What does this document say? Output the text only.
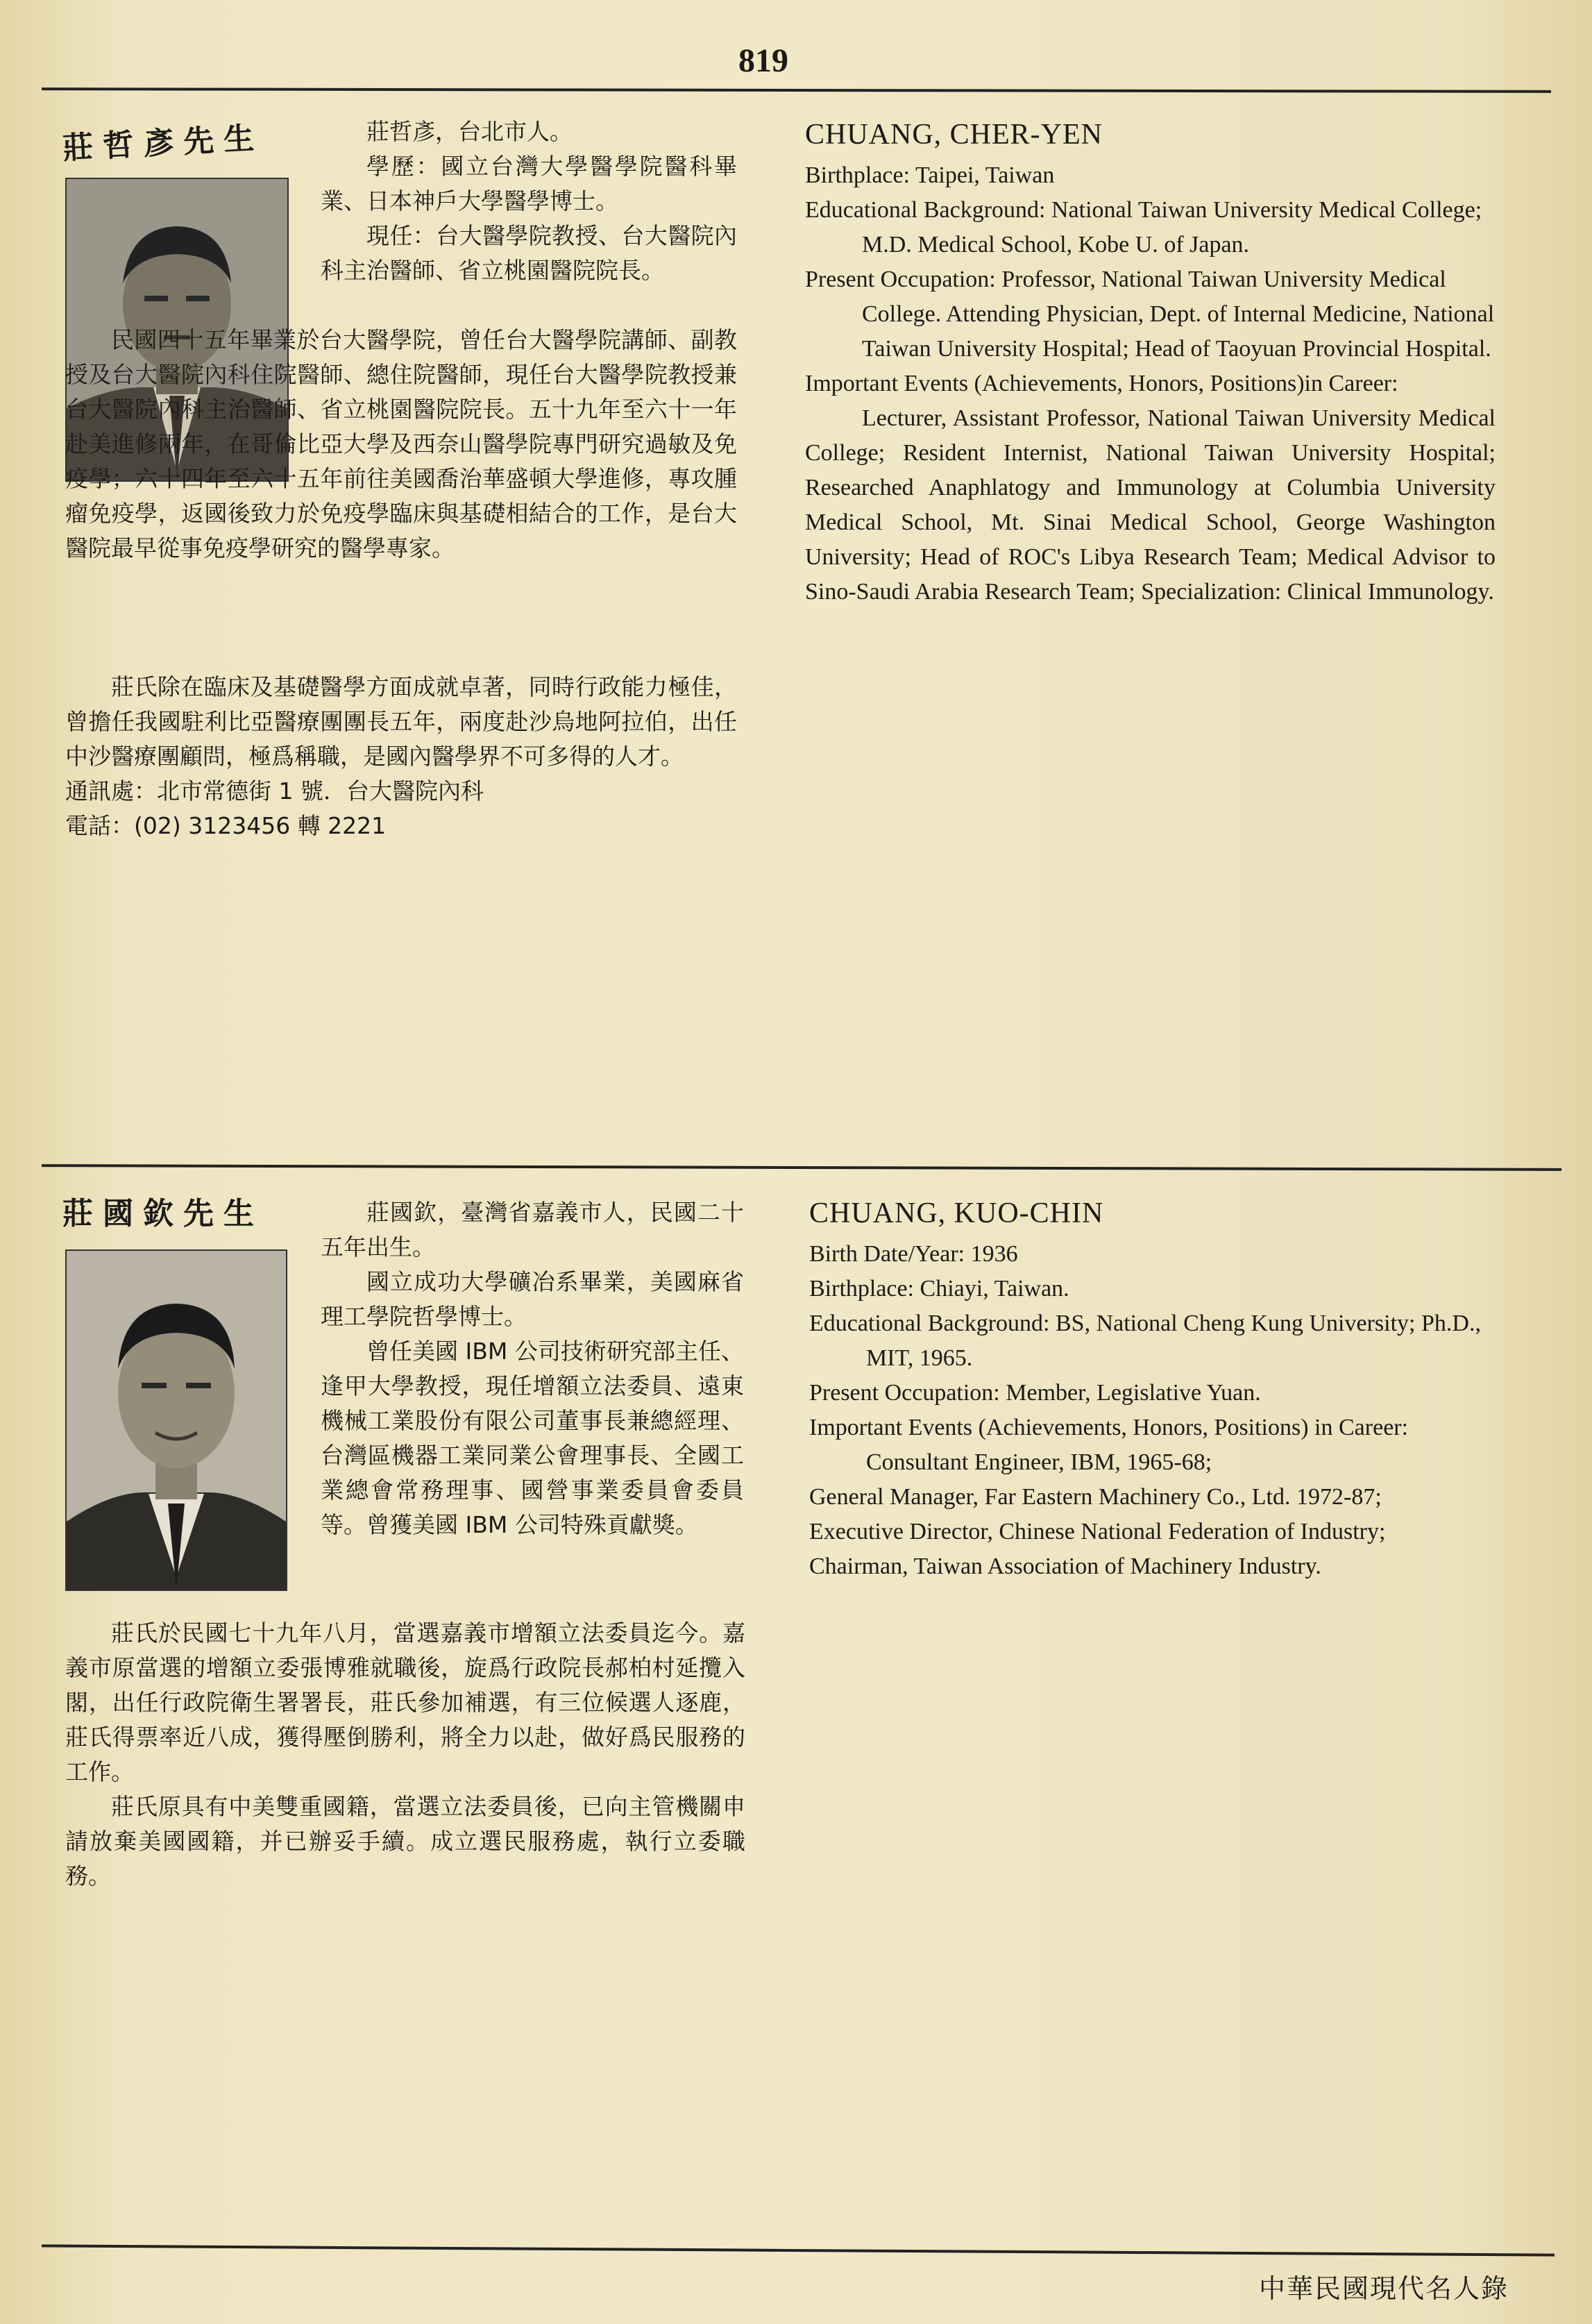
819
莊哲彥先生	莊哲彥，台北市人。

學歷：國立台灣大學醫學院醫科畢業、日本神戶大學醫學博士。

現任：台大醫學院教授、台大醫院內科主治醫師、省立桃園醫院院長。

民國四十五年畢業於台大醫學院，曾任台大醫學院講師、副教授及台大醫院內科住院醫師、總住院醫師，現任台大醫學院教授兼台大醫院內科主治醫師、省立桃園醫院院長。五十九年至六十一年赴美進修兩年，在哥倫比亞大學及西奈山醫學院專門研究過敏及免疫學；六十四年至六十五年前往美國喬治華盛頓大學進修，專攻腫瘤免疫學，返國後致力於免疫學臨床與基礎相結合的工作，是台大醫院最早從事免疫學研究的醫學專家。

莊氏除在臨床及基礎醫學方面成就卓著，同時行政能力極佳，曾擔任我國駐利比亞醫療團團長五年，兩度赴沙烏地阿拉伯，出任中沙醫療團顧問，極爲稱職，是國內醫學界不可多得的人才。

通訊處：北市常德街 1 號．台大醫院內科

電話：(02) 3123456 轉 2221

CHUANG, CHER-YEN

Birthplace: Taipei, Taiwan

Educational Background: National Taiwan University Medical College; M.D. Medical School, Kobe U. of Japan.

Present Occupation: Professor, National Taiwan University Medical College. Attending Physician, Dept. of Internal Medicine, National Taiwan University Hospital; Head of Taoyuan Provincial Hospital.

Important Events (Achievements, Honors, Positions)in Career:

Lecturer, Assistant Professor, National Taiwan University Medical College; Resident Internist, National Taiwan University Hospital; Researched Anaphlatogy and Immunology at Columbia University Medical School, Mt. Sinai Medical School, George Washington University; Head of ROC's Libya Research Team; Medical Advisor to Sino-Saudi Arabia Research Team; Specialization: Clinical Immunology.

莊國欽先生	莊國欽，臺灣省嘉義市人，民國二十五年出生。

國立成功大學礦冶系畢業，美國麻省理工學院哲學博士。

曾任美國 IBM 公司技術研究部主任、逢甲大學教授，現任增額立法委員、遠東機械工業股份有限公司董事長兼總經理、台灣區機器工業同業公會理事長、全國工業總會常務理事、國營事業委員會委員等。曾獲美國 IBM 公司特殊貢獻獎。

莊氏於民國七十九年八月，當選嘉義市增額立法委員迄今。嘉義市原當選的增額立委張博雅就職後，旋爲行政院長郝柏村延攬入閣，出任行政院衛生署署長，莊氏參加補選，有三位候選人逐鹿，莊氏得票率近八成，獲得壓倒勝利，將全力以赴，做好爲民服務的工作。

莊氏原具有中美雙重國籍，當選立法委員後，已向主管機關申請放棄美國國籍，并已辦妥手續。成立選民服務處，執行立委職務。

CHUANG, KUO-CHIN

Birth Date/Year: 1936

Birthplace: Chiayi, Taiwan.

Educational Background: BS, National Cheng Kung University; Ph.D., MIT, 1965.

Present Occupation: Member, Legislative Yuan.

Important Events (Achievements, Honors, Positions) in Career:

Consultant Engineer, IBM, 1965-68;

General Manager, Far Eastern Machinery Co., Ltd. 1972-87;

Executive Director, Chinese National Federation of Industry;

Chairman, Taiwan Association of Machinery Industry.

中華民國現代名人錄
